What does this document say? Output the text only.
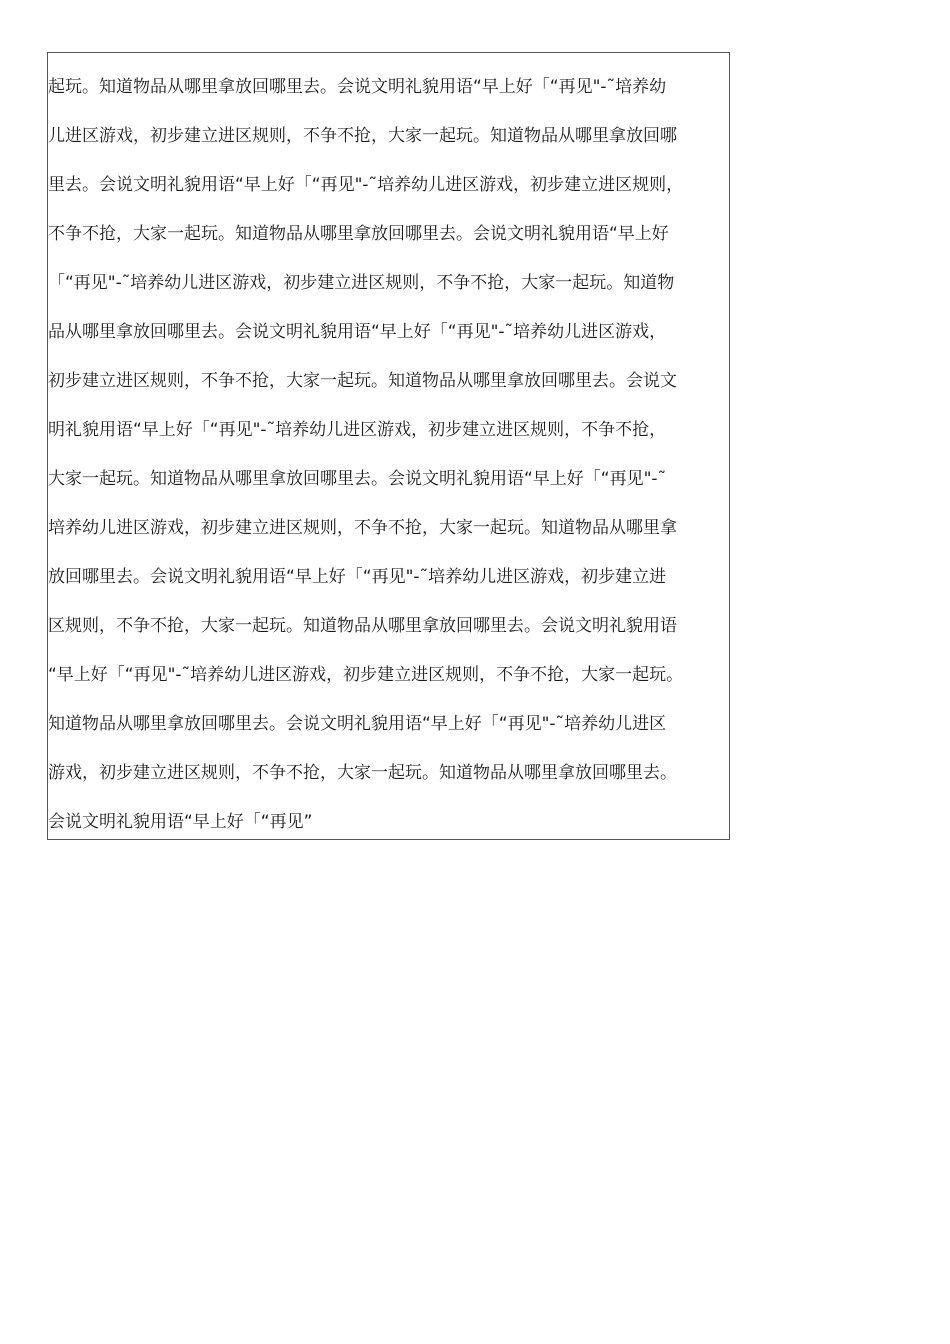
起玩。知道物品从哪里拿放回哪里去。会说文明礼貌用语“早上好「“再见"-˜培养幼
儿进区游戏，初步建立进区规则，不争不抢，大家一起玩。知道物品从哪里拿放回哪
里去。会说文明礼貌用语“早上好「“再见"-˜培养幼儿进区游戏，初步建立进区规则，
不争不抢，大家一起玩。知道物品从哪里拿放回哪里去。会说文明礼貌用语“早上好
「“再见"-˜培养幼儿进区游戏，初步建立进区规则，不争不抢，大家一起玩。知道物
品从哪里拿放回哪里去。会说文明礼貌用语“早上好「“再见"-˜培养幼儿进区游戏，
初步建立进区规则，不争不抢，大家一起玩。知道物品从哪里拿放回哪里去。会说文
明礼貌用语“早上好「“再见"-˜培养幼儿进区游戏，初步建立进区规则，不争不抢，
大家一起玩。知道物品从哪里拿放回哪里去。会说文明礼貌用语“早上好「“再见"-˜
培养幼儿进区游戏，初步建立进区规则，不争不抢，大家一起玩。知道物品从哪里拿
放回哪里去。会说文明礼貌用语“早上好「“再见"-˜培养幼儿进区游戏，初步建立进
区规则，不争不抢，大家一起玩。知道物品从哪里拿放回哪里去。会说文明礼貌用语
“早上好「“再见"-˜培养幼儿进区游戏，初步建立进区规则，不争不抢，大家一起玩。
知道物品从哪里拿放回哪里去。会说文明礼貌用语“早上好「“再见"-˜培养幼儿进区
游戏，初步建立进区规则，不争不抢，大家一起玩。知道物品从哪里拿放回哪里去。
会说文明礼貌用语“早上好「“再见”
